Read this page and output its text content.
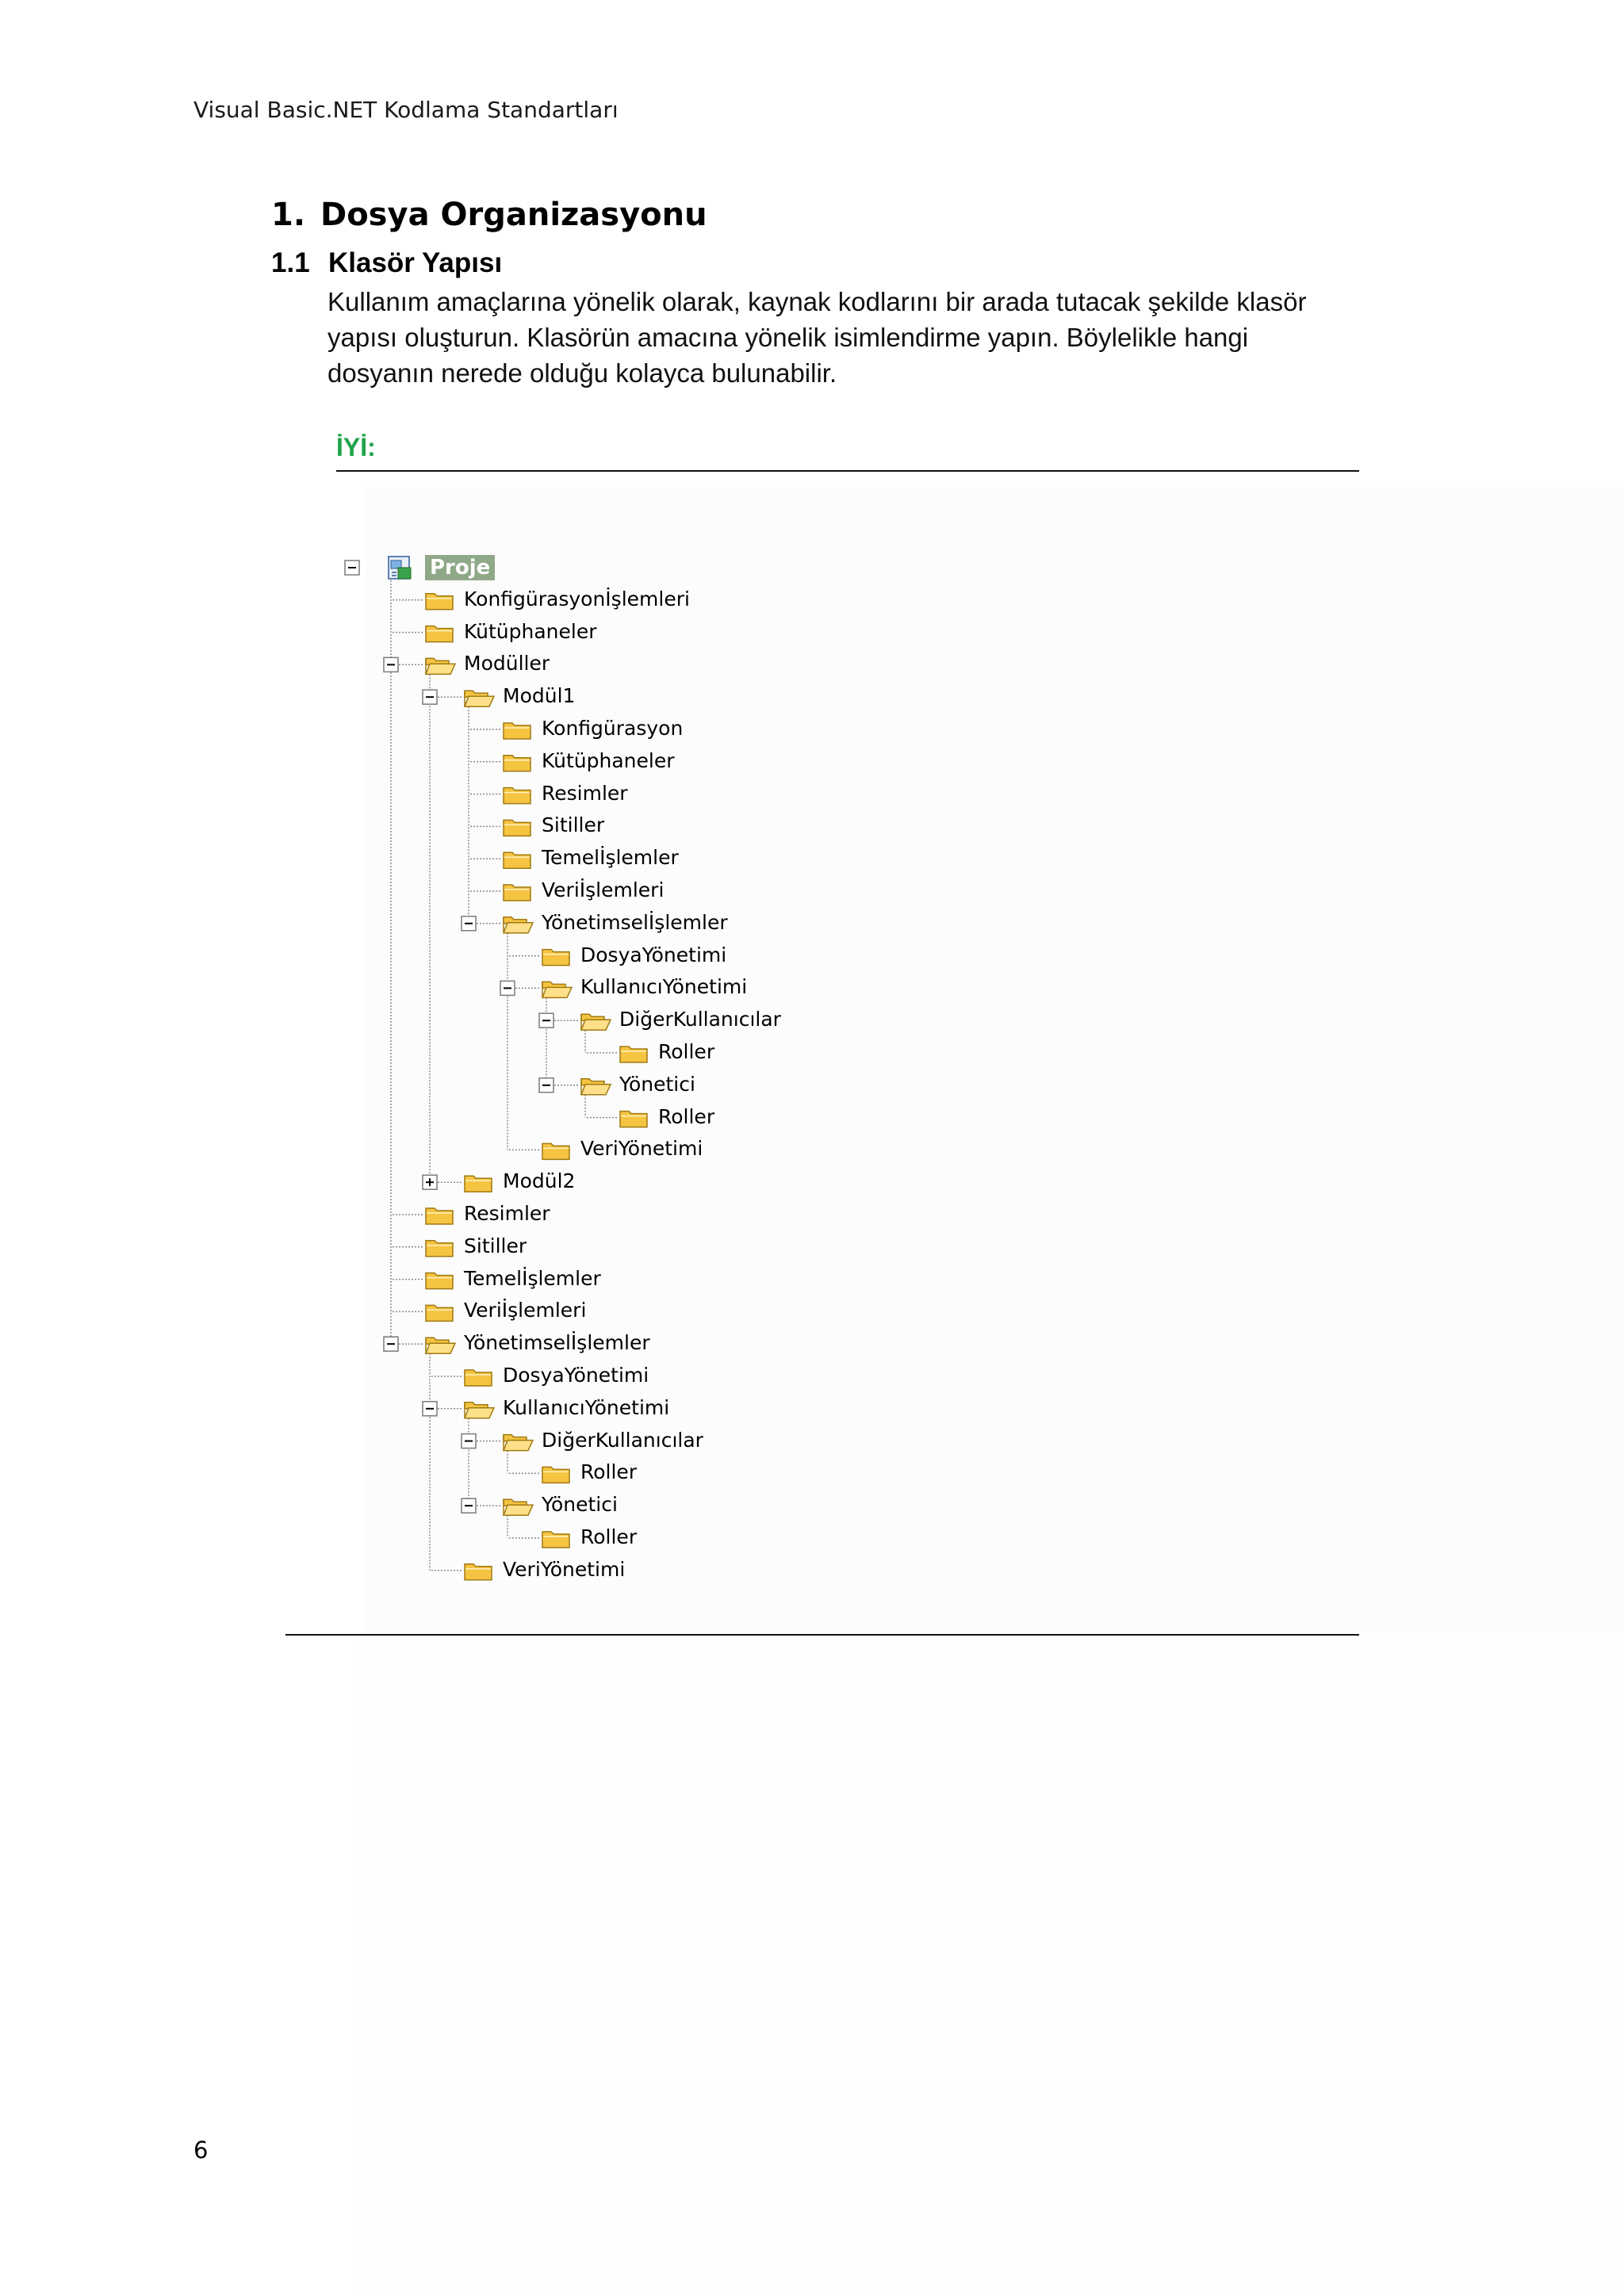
Visual Basic.NET Kodlama Standartları
1. Dosya Organizasyonu
1.1 Klasör Yapısı
Kullanım amaçlarına yönelik olarak, kaynak kodlarını bir arada tutacak şekilde klasör
yapısı oluşturun. Klasörün amacına yönelik isimlendirme yapın. Böylelikle hangi
dosyanın nerede olduğu kolayca bulunabilir.
İYİ:
Proje
Konfigürasyonİşlemleri
Kütüphaneler
Modüller
Modül1
Konfigürasyon
Kütüphaneler
Resimler
Sitiller
Temelİşlemler
Veriİşlemleri
Yönetimselİşlemler
DosyaYönetimi
KullanıcıYönetimi
DiğerKullanıcılar
Roller
Yönetici
Roller
VeriYönetimi
Modül2
Resimler
Sitiller
Temelİşlemler
Veriİşlemleri
Yönetimselİşlemler
DosyaYönetimi
KullanıcıYönetimi
DiğerKullanıcılar
Roller
Yönetici
Roller
VeriYönetimi
6
